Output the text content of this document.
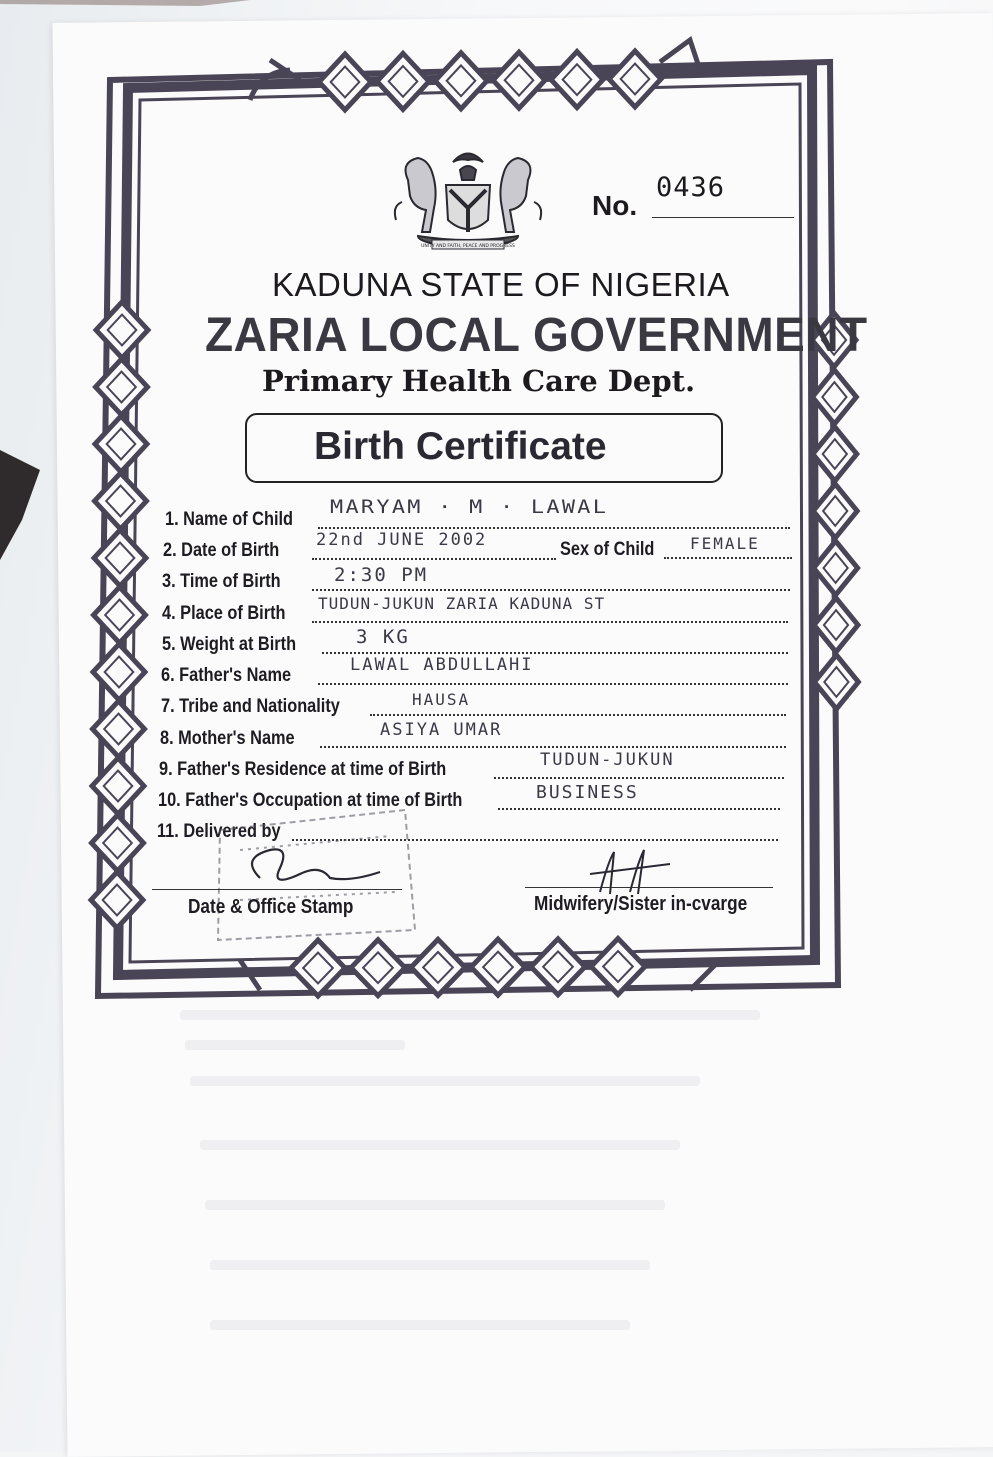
UNITY AND FAITH, PEACE AND PROGRESS
No.
0436
KADUNA STATE OF NIGERIA
ZARIA LOCAL GOVERNMENT
Primary Health Care Dept.
Birth Certificate
1. Name of Child
MARYAM · M · LAWAL
2. Date of Birth 22nd JUNE 2002	Sex of Child FEMALE
3. Time of Birth	2:30 PM
4. Place of Birth TUDUN-JUKUN ZARIA KADUNA ST
5. Weight at Birth	3 KG
6. Father's Name	LAWAL ABDULLAHI
7. Tribe and Nationality	HAUSA
8. Mother's Name	ASIYA UMAR
9. Father's Residence at time of Birth	TUDUN-JUKUN
10. Father's Occupation at time of Birth	BUSINESS
11. Delivered by
Date & Office Stamp	Midwifery/Sister in-cvarge
